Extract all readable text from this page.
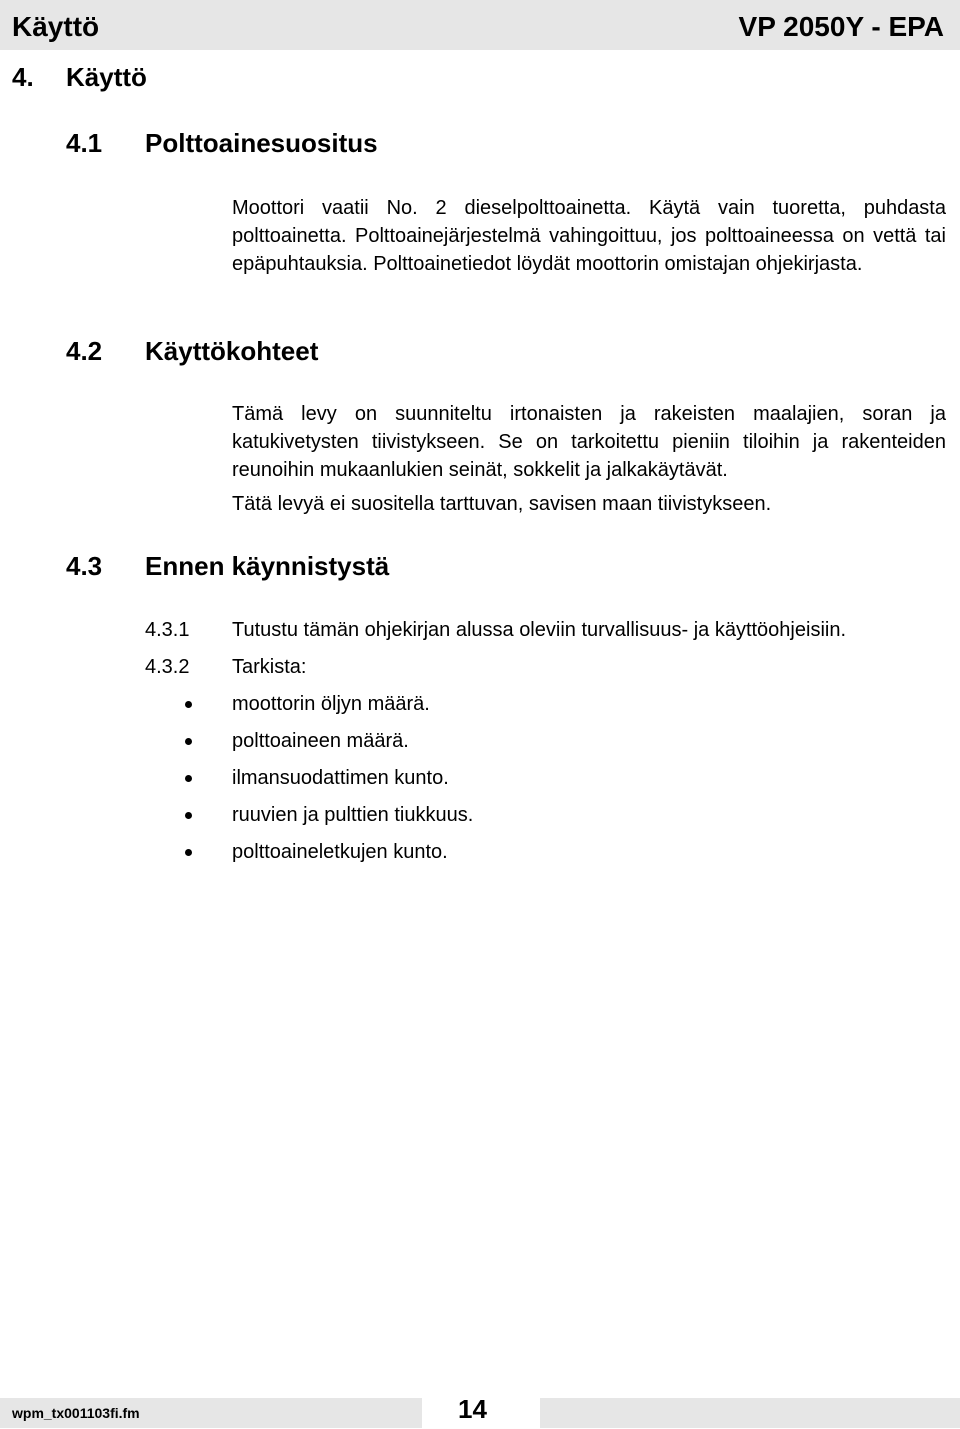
Käyttö	VP 2050Y - EPA
4. Käyttö
4.1 Polttoainesuositus

Moottori vaatii No. 2 dieselpolttoainetta. Käytä vain tuoretta, puhdasta polttoainetta. Polttoainejärjestelmä vahingoittuu, jos polttoaineessa on vettä tai epäpuhtauksia. Polttoainetiedot löydät moottorin omistajan ohjekirjasta.

4.2 Käyttökohteet

Tämä levy on suunniteltu irtonaisten ja rakeisten maalajien, soran ja katukivetysten tiivistykseen. Se on tarkoitettu pieniin tiloihin ja rakenteiden reunoihin mukaanlukien seinät, sokkelit ja jalkakäytävät.

Tätä levyä ei suositella tarttuvan, savisen maan tiivistykseen.

4.3 Ennen käynnistystä
4.3.1 Tutustu tämän ohjekirjan alussa oleviin turvallisuus- ja käyttöohjeisiin.
4.3.2 Tarkista:
moottorin öljyn määrä.
polttoaineen määrä.
ilmansuodattimen kunto.
ruuvien ja pulttien tiukkuus.
polttoaineletkujen kunto.
wpm_tx001103fi.fm	14
